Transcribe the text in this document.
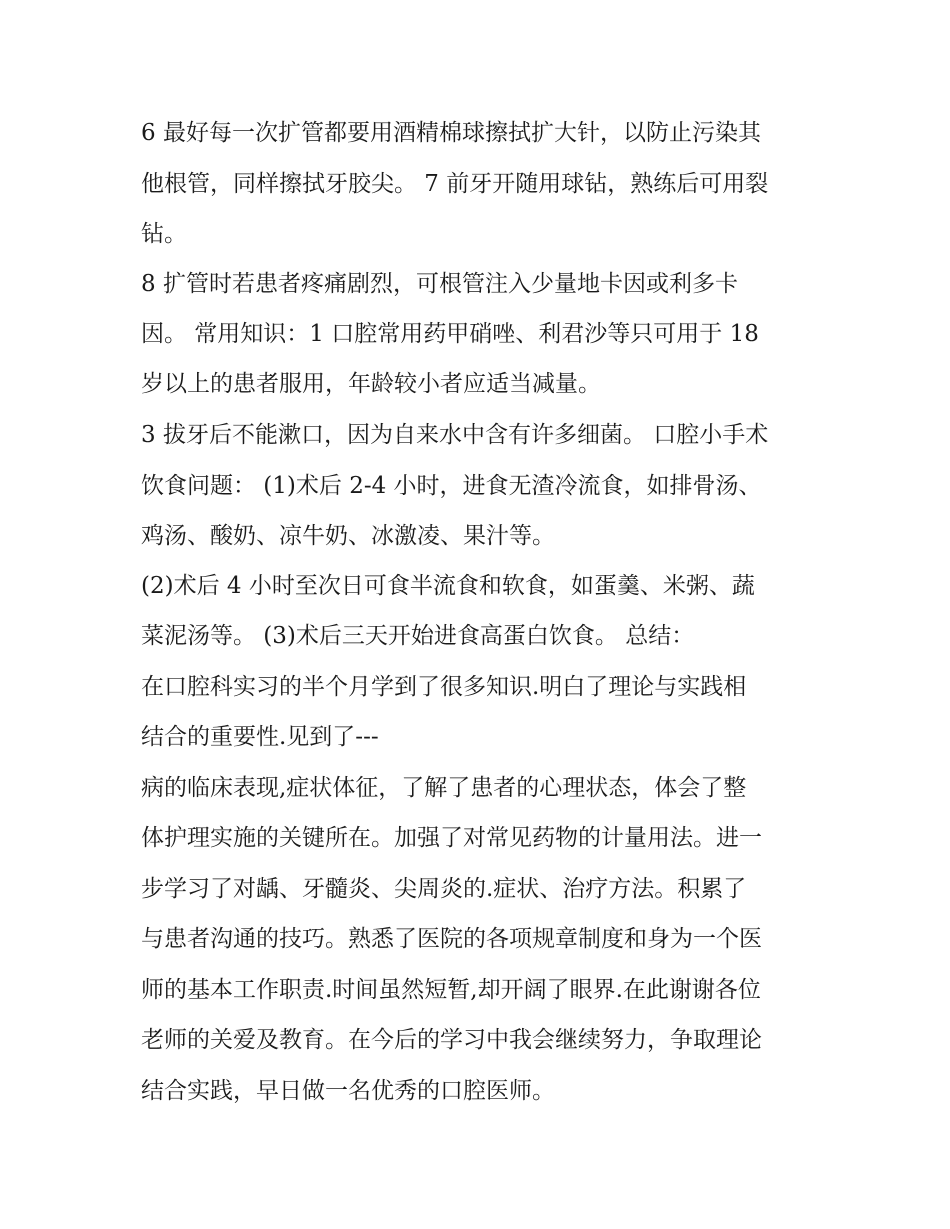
6 最好每一次扩管都要用酒精棉球擦拭扩大针，以防止污染其
他根管，同样擦拭牙胶尖。 7 前牙开随用球钻，熟练后可用裂
钻。
8 扩管时若患者疼痛剧烈，可根管注入少量地卡因或利多卡
因。 常用知识：1 口腔常用药甲硝唑、利君沙等只可用于 18
岁以上的患者服用，年龄较小者应适当减量。
3 拔牙后不能漱口，因为自来水中含有许多细菌。 口腔小手术
饮食问题： (1)术后 2-4 小时，进食无渣冷流食，如排骨汤、
鸡汤、酸奶、凉牛奶、冰激凌、果汁等。
(2)术后 4 小时至次日可食半流食和软食，如蛋羹、米粥、蔬
菜泥汤等。 (3)术后三天开始进食高蛋白饮食。 总结：
在口腔科实习的半个月学到了很多知识.明白了理论与实践相
结合的重要性.见到了---
病的临床表现,症状体征，了解了患者的心理状态，体会了整
体护理实施的关键所在。加强了对常见药物的计量用法。进一
步学习了对龋、牙髓炎、尖周炎的.症状、治疗方法。积累了
与患者沟通的技巧。熟悉了医院的各项规章制度和身为一个医
师的基本工作职责.时间虽然短暂,却开阔了眼界.在此谢谢各位
老师的关爱及教育。在今后的学习中我会继续努力，争取理论
结合实践，早日做一名优秀的口腔医师。
